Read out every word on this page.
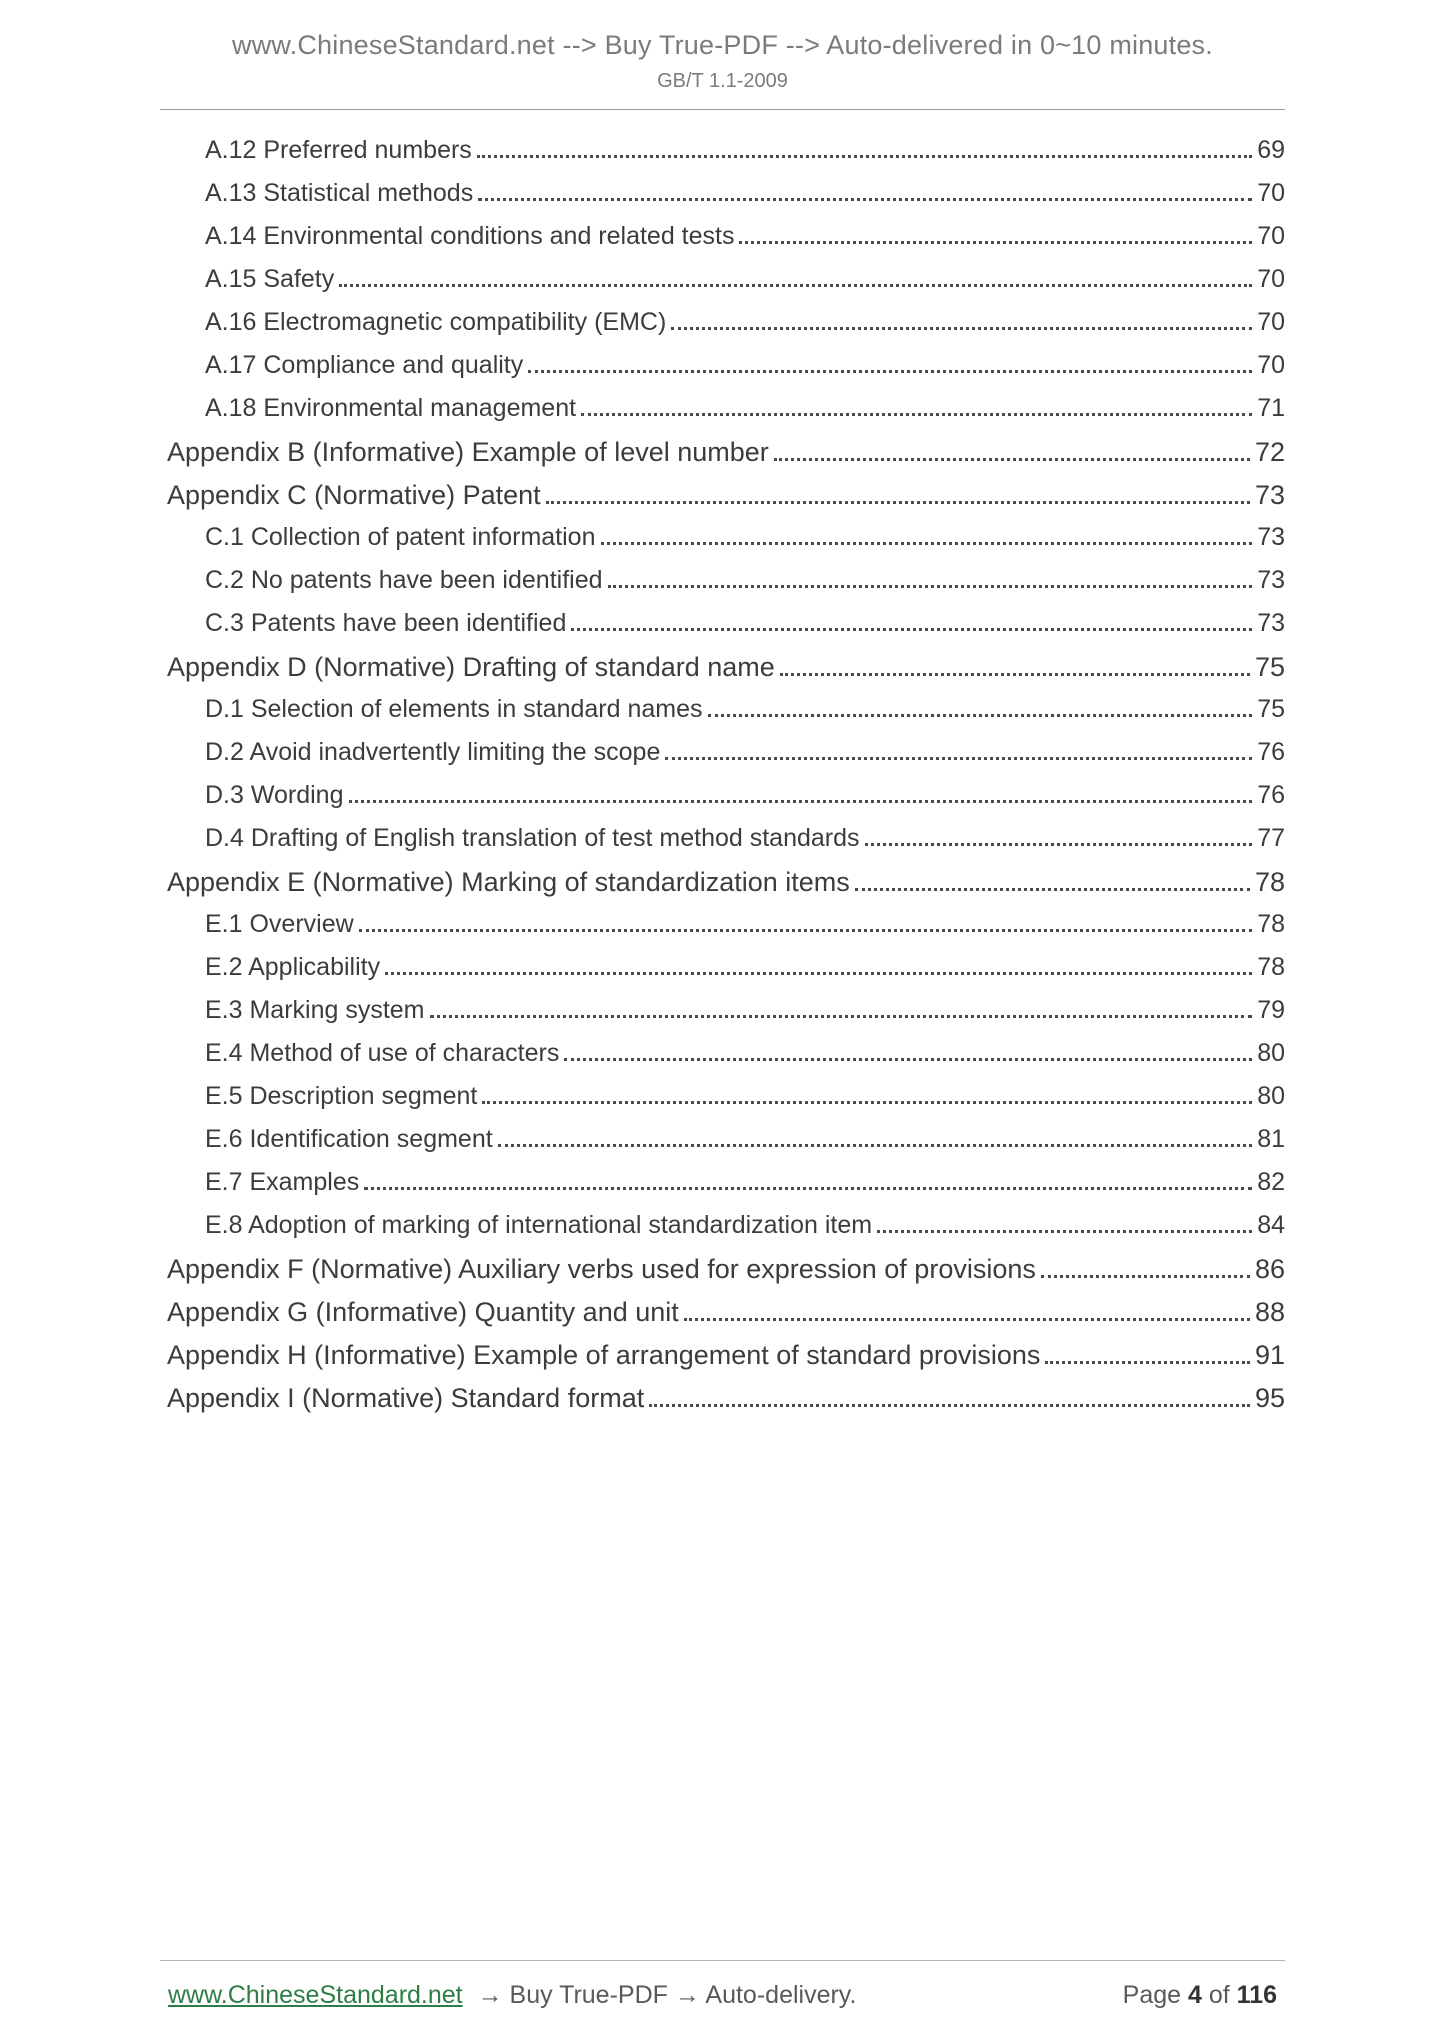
www.ChineseStandard.net --> Buy True-PDF --> Auto-delivered in 0~10 minutes.
GB/T 1.1-2009
A.12 Preferred numbers	69
A.13 Statistical methods	70
A.14 Environmental conditions and related tests	70
A.15 Safety	70
A.16 Electromagnetic compatibility (EMC)	70
A.17 Compliance and quality	70
A.18 Environmental management	71
Appendix B (Informative) Example of level number	72
Appendix C (Normative) Patent	73
C.1 Collection of patent information	73
C.2 No patents have been identified	73
C.3 Patents have been identified	73
Appendix D (Normative) Drafting of standard name	75
D.1 Selection of elements in standard names	75
D.2 Avoid inadvertently limiting the scope	76
D.3 Wording	76
D.4 Drafting of English translation of test method standards	77
Appendix E (Normative) Marking of standardization items	78
E.1 Overview	78
E.2 Applicability	78
E.3 Marking system	79
E.4 Method of use of characters	80
E.5 Description segment	80
E.6 Identification segment	81
E.7 Examples	82
E.8 Adoption of marking of international standardization item	84
Appendix F (Normative) Auxiliary verbs used for expression of provisions	86
Appendix G (Informative) Quantity and unit	88
Appendix H (Informative) Example of arrangement of standard provisions	91
Appendix I (Normative) Standard format	95
www.ChineseStandard.net → Buy True-PDF → Auto-delivery.	Page 4 of 116
